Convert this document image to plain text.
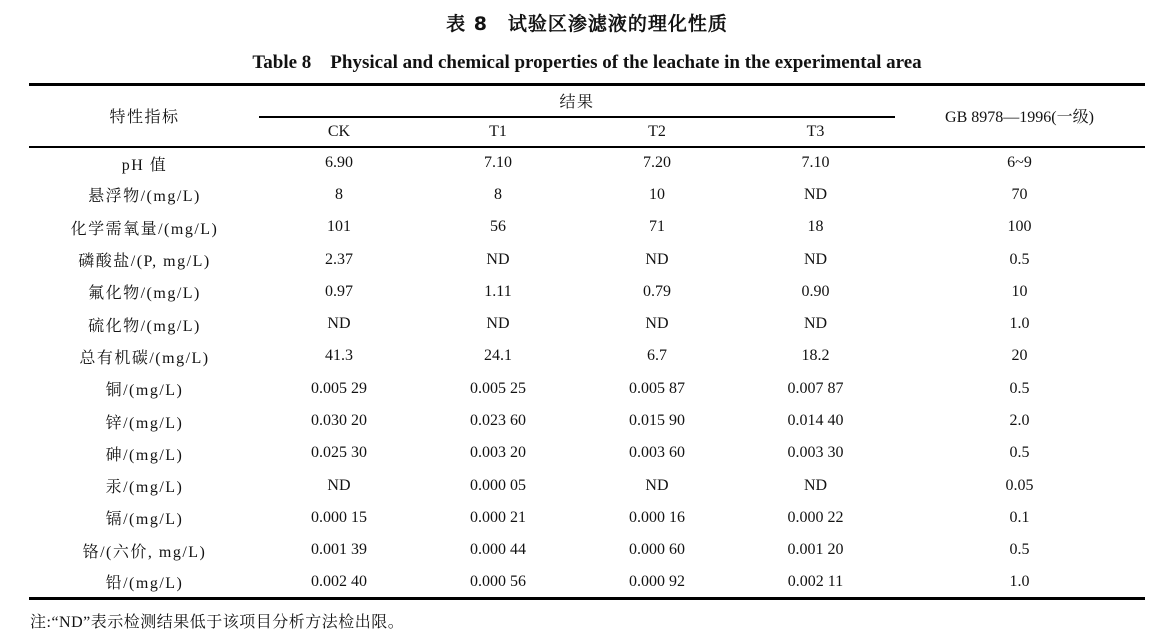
表 8　试验区渗滤液的理化性质
Table 8　Physical and chemical properties of the leachate in the experimental area
特性指标	结果				GB 8978—1996(一级)
	CK	T1	T2	T3	
pH 值	6.90	7.10	7.20	7.10	6~9
悬浮物/(mg/L)	8	8	10	ND	70
化学需氧量/(mg/L)	101	56	71	18	100
磷酸盐/(P, mg/L)	2.37	ND	ND	ND	0.5
氟化物/(mg/L)	0.97	1.11	0.79	0.90	10
硫化物/(mg/L)	ND	ND	ND	ND	1.0
总有机碳/(mg/L)	41.3	24.1	6.7	18.2	20
铜/(mg/L)	0.005 29	0.005 25	0.005 87	0.007 87	0.5
锌/(mg/L)	0.030 20	0.023 60	0.015 90	0.014 40	2.0
砷/(mg/L)	0.025 30	0.003 20	0.003 60	0.003 30	0.5
汞/(mg/L)	ND	0.000 05	ND	ND	0.05
镉/(mg/L)	0.000 15	0.000 21	0.000 16	0.000 22	0.1
铬/(六价, mg/L)	0.001 39	0.000 44	0.000 60	0.001 20	0.5
铅/(mg/L)	0.002 40	0.000 56	0.000 92	0.002 11	1.0
注:“ND”表示检测结果低于该项目分析方法检出限。
